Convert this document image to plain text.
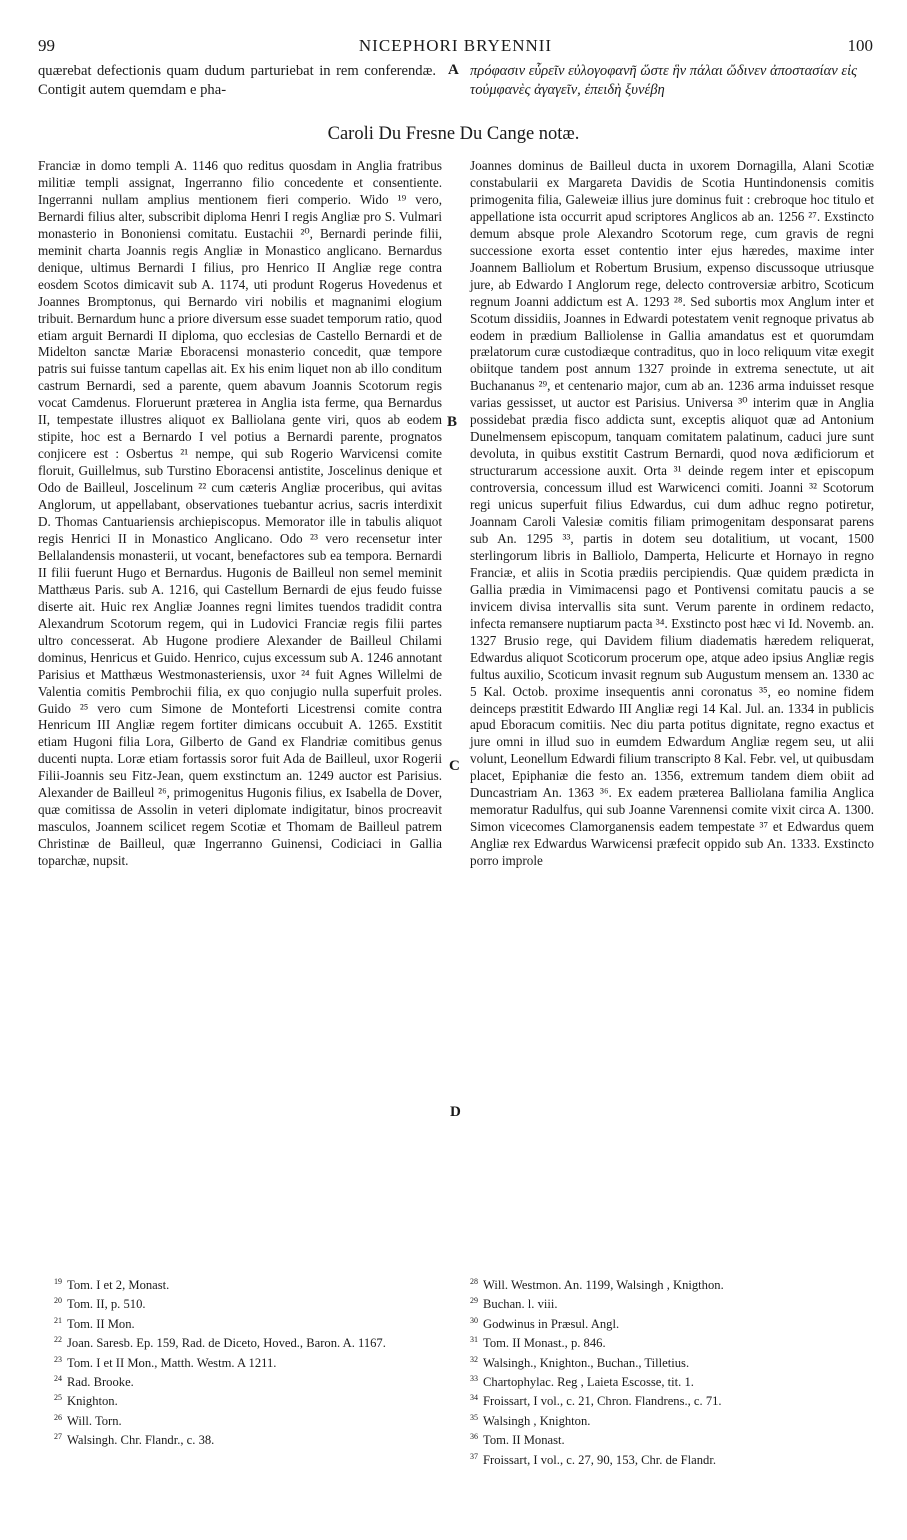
99	NICEPHORI BRYENNII	100
quærebat defectionis quam dudum parturiebat in rem conferendæ. Contigit autem quemdam e pha-
A πρόφασιν εὗρεῖν εὐλογοφανῆ ὥστε ἣν πάλαι ὤδινεν ἀποστασίαν εἰς τοὐμφανὲς ἀγαγεῖν, ἐπειδὴ ξυνέβη
Caroli Du Fresne Du Cange notæ.

Franciæ in domo templi A. 1146 quo reditus quosdam in Anglia fratribus militiæ templi assignat, Ingerranno filio concedente et consentiente. Ingerranni nullam amplius mentionem fieri comperio. Wido ¹⁹ vero, Bernardi filius alter, subscribit diploma Henri I regis Angliæ pro S. Vulmari monasterio in Bononiensi comitatu. Eustachii ²⁰, Bernardi perinde filii, meminit charta Joannis regis Angliæ in Monastico anglicano. Bernardus denique, ultimus Bernardi I filius, pro Henrico II Angliæ rege contra eosdem Scotos dimicavit sub A. 1174, uti produnt Rogerus Hovedenus et Joannes Bromptonus, qui Bernardo viri nobilis et magnanimi elogium tribuit. Bernardum hunc a priore diversum esse suadet temporum ratio, quod etiam arguit Bernardi II diploma, quo ecclesias de Castello Bernardi et de Midelton sanctæ Mariæ Eboracensi monasterio concedit, quæ tempore patris sui fuisse tantum capellas ait. Ex his enim liquet non ab illo conditum castrum Bernardi, sed a parente, quem abavum Joannis Scotorum regis vocat Camdenus. Floruerunt præterea in Anglia ista ferme, qua Bernardus II, tempestate illustres aliquot ex Balliolana gente viri, quos ab eodem stipite, hoc est a Bernardo I vel potius a Bernardi parente, prognatos conjicere est : Osbertus ²¹ nempe, qui sub Rogerio Warvicensi comite floruit, Guillelmus, sub Turstino Eboracensi antistite, Joscelinus denique et Odo de Bailleul, Joscelinum ²² cum cæteris Angliæ proceribus, qui avitas Anglorum, ut appellabant, observationes tuebantur acrius, sacris interdixit D. Thomas Cantuariensis archiepiscopus. Memorator ille in tabulis aliquot regis Henrici II in Monastico Anglicano. Odo ²³ vero recensetur inter Bellalandensis monasterii, ut vocant, benefactores sub ea tempora. Bernardi II filii fuerunt Hugo et Bernardus. Hugonis de Bailleul non semel meminit Matthæus Paris. sub A. 1216, qui Castellum Bernardi de ejus feudo fuisse diserte ait. Huic rex Angliæ Joannes regni limites tuendos tradidit contra Alexandrum Scotorum regem, qui in Ludovici Franciæ regis filii partes ultro concesserat. Ab Hugone prodiere Alexander de Bailleul Chilami dominus, Henricus et Guido. Henrico, cujus excessum sub A. 1246 annotant Parisius et Matthæus Westmonasteriensis, uxor ²⁴ fuit Agnes Willelmi de Valentia comitis Pembrochii filia, ex quo conjugio nulla superfuit proles. Guido ²⁵ vero cum Simone de Monteforti Licestrensi comite contra Henricum III Angliæ regem fortiter dimicans occubuit A. 1265. Exstitit etiam Hugoni filia Lora, Gilberto de Gand ex Flandriæ comitibus genus ducenti nupta. Loræ etiam fortassis soror fuit Ada de Bailleul, uxor Rogerii Filii-Joannis seu Fitz-Jean, quem exstinctum an. 1249 auctor est Parisius. Alexander de Bailleul ²⁶, primogenitus Hugonis filius, ex Isabella de Dover, quæ comitissa de Assolin in veteri diplomate indigitatur, binos procreavit masculos, Joannem scilicet regem Scotiæ et Thomam de Bailleul patrem Christinæ de Bailleul, quæ Ingerranno Guinensi, Codiciaci in Gallia toparchæ, nupsit.

B
C
D

Joannes dominus de Bailleul ducta in uxorem Dornagilla, Alani Scotiæ constabularii ex Margareta Davidis de Scotia Huntindonensis comitis primogenita filia, Galeweiæ illius jure dominus fuit : crebroque hoc titulo et appellatione ista occurrit apud scriptores Anglicos ab an. 1256 ²⁷. Exstincto demum absque prole Alexandro Scotorum rege, cum gravis de regni successione exorta esset contentio inter ejus hæredes, maxime inter Joannem Balliolum et Robertum Brusium, expenso discussoque utriusque jure, ab Edwardo I Anglorum rege, delecto controversiæ arbitro, Scoticum regnum Joanni addictum est A. 1293 ²⁸. Sed subortis mox Anglum inter et Scotum dissidiis, Joannes in Edwardi potestatem venit regnoque privatus ab eodem in prædium Balliolense in Gallia amandatus est et quorumdam prælatorum curæ custodiæque contraditus, quo in loco reliquum vitæ exegit obiitque tandem post annum 1327 proinde in extrema senectute, ut ait Buchananus ²⁹, et centenario major, cum ab an. 1236 arma induisset resque varias gessisset, ut auctor est Parisius. Universa ³⁰ interim quæ in Anglia possidebat prædia fisco addicta sunt, exceptis aliquot quæ ad Antonium Dunelmensem episcopum, tanquam comitatem palatinum, caduci jure sunt devoluta, in quibus exstitit Castrum Bernardi, quod nova ædificiorum et structurarum accessione auxit. Orta ³¹ deinde regem inter et episcopum controversia, concessum illud est Warwicenci comiti. Joanni ³² Scotorum regi unicus superfuit filius Edwardus, cui dum adhuc regno potiretur, Joannam Caroli Valesiæ comitis filiam primogenitam desponsarat parens sub An. 1295 ³³, partis in dotem seu dotalitium, ut vocant, 1500 sterlingorum libris in Balliolo, Damperta, Helicurte et Hornayo in regno Franciæ, et aliis in Scotia prædiis percipiendis. Quæ quidem prædicta in Gallia prædia in Vimimacensi pago et Pontivensi comitatu paucis a se invicem divisa intervallis sita sunt. Verum parente in ordinem redacto, infecta remansere nuptiarum pacta ³⁴. Exstincto post hæc vi Id. Novemb. an. 1327 Brusio rege, qui Davidem filium diadematis hæredem reliquerat, Edwardus aliquot Scoticorum procerum ope, atque adeo ipsius Angliæ regis fultus auxilio, Scoticum invasit regnum sub Augustum mensem an. 1330 ac 5 Kal. Octob. proxime insequentis anni coronatus ³⁵, eo nomine fidem deinceps præstitit Edwardo III Angliæ regi 14 Kal. Jul. an. 1334 in publicis apud Eboracum comitiis. Nec diu parta potitus dignitate, regno exactus et jure omni in illud suo in eumdem Edwardum Angliæ regem seu, ut alii volunt, Leonellum Edwardi filium transcripto 8 Kal. Febr. vel, ut quibusdam placet, Epiphaniæ die festo an. 1356, extremum tandem diem obiit ad Duncastriam An. 1363 ³⁶. Ex eadem præterea Balliolana familia Anglica memoratur Radulfus, qui sub Joanne Varennensi comite vixit circa A. 1300. Simon vicecomes Clamorganensis eadem tempestate ³⁷ et Edwardus quem Angliæ rex Edwardus Warwicensi præfecit oppido sub An. 1333. Exstincto porro improle

$^{19}$ Tom. I et 2, Monast.
$^{20}$ Tom. II, p. 510.
$^{21}$ Tom. II Mon.
$^{22}$ Joan. Saresb. Ep. 159, Rad. de Diceto, Hoved., Baron. A. 1167.
$^{23}$ Tom. I et II Mon., Matth. Westm. A 1211.
$^{24}$ Rad. Brooke.
$^{25}$ Knighton.
$^{26}$ Will. Torn.
$^{27}$ Walsingh. Chr. Flandr., c. 38.
$^{28}$ Will. Westmon. An. 1199, Walsingh , Knigthon.
$^{29}$ Buchan. l. viii.
$^{30}$ Godwinus in Præsul. Angl.
$^{31}$ Tom. II Monast., p. 846.
$^{32}$ Walsingh., Knighton., Buchan., Tilletius.
$^{33}$ Chartophylac. Reg , Laieta Escosse, tit. 1.
$^{34}$ Froissart, I vol., c. 21, Chron. Flandrens., c. 71.
$^{35}$ Walsingh , Knighton.
$^{36}$ Tom. II Monast.
$^{37}$ Froissart, I vol., c. 27, 90, 153, Chr. de Flandr.
